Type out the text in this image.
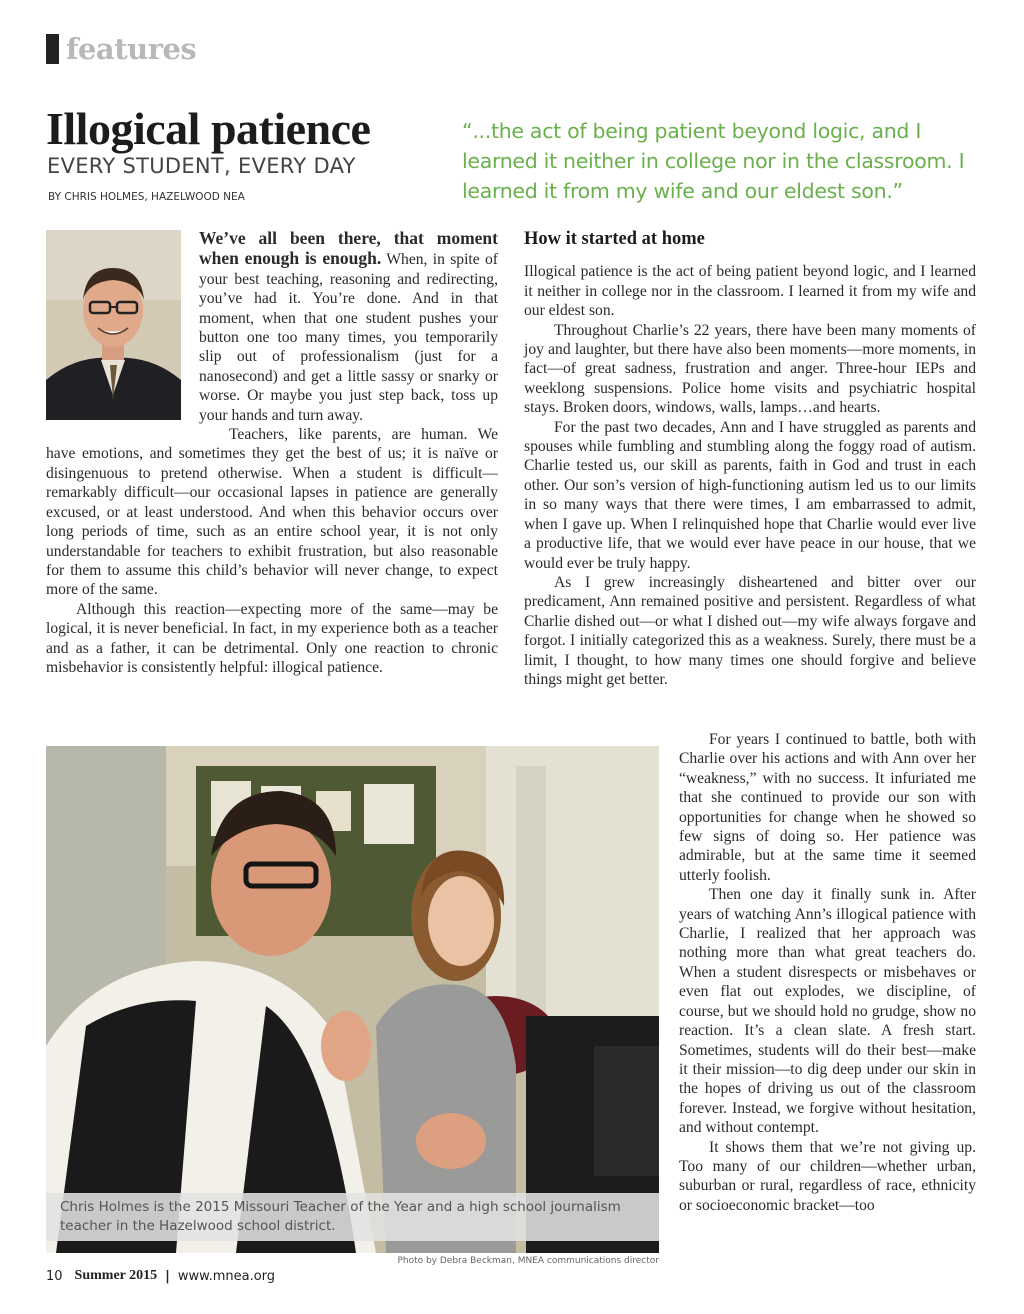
features
Illogical patience
EVERY STUDENT, EVERY DAY
BY CHRIS HOLMES, HAZELWOOD NEA
“...the act of being patient beyond logic, and I learned it neither in college nor in the classroom. I learned it from my wife and our eldest son.”

We’ve all been there, that moment when enough is enough. When, in spite of your best teaching, reasoning and redirecting, you’ve had it. You’re done. And in that moment, when that one student pushes your button one too many times, you temporarily slip out of professionalism (just for a nanosecond) and get a little sassy or snarky or worse. Or maybe you just step back, toss up your hands and turn away.

Teachers, like parents, are human. We have emotions, and sometimes they get the best of us; it is naïve or disingenuous to pretend otherwise. When a student is difficult—remarkably difficult—our occasional lapses in patience are generally excused, or at least understood. And when this behavior occurs over long periods of time, such as an entire school year, it is not only understandable for teachers to exhibit frustration, but also reasonable for them to assume this child’s behavior will never change, to expect more of the same.

Although this reaction—expecting more of the same—may be logical, it is never beneficial. In fact, in my experience both as a teacher and as a father, it can be detrimental. Only one reaction to chronic misbehavior is consistently helpful: illogical patience.

How it started at home

Illogical patience is the act of being patient beyond logic, and I learned it neither in college nor in the classroom. I learned it from my wife and our eldest son.

Throughout Charlie’s 22 years, there have been many moments of joy and laughter, but there have also been moments—more moments, in fact—of great sadness, frustration and anger. Three-hour IEPs and weeklong suspensions. Police home visits and psychiatric hospital stays. Broken doors, windows, walls, lamps…and hearts.

For the past two decades, Ann and I have struggled as parents and spouses while fumbling and stumbling along the foggy road of autism. Charlie tested us, our skill as parents, faith in God and trust in each other. Our son’s version of high-functioning autism led us to our limits in so many ways that there were times, I am embarrassed to admit, when I gave up. When I relinquished hope that Charlie would ever live a productive life, that we would ever have peace in our house, that we would ever be truly happy.

As I grew increasingly disheartened and bitter over our predicament, Ann remained positive and persistent. Regardless of what Charlie dished out—or what I dished out—my wife always forgave and forgot. I initially categorized this as a weakness. Surely, there must be a limit, I thought, to how many times one should forgive and believe things might get better.

Chris Holmes is the 2015 Missouri Teacher of the Year and a high school journalism teacher in the Hazelwood school district.
Photo by Debra Beckman, MNEA communications director

For years I continued to battle, both with Charlie over his actions and with Ann over her “weakness,” with no success. It infuriated me that she continued to provide our son with opportunities for change when he showed so few signs of doing so. Her patience was admirable, but at the same time it seemed utterly foolish.

Then one day it finally sunk in. After years of watching Ann’s illogical patience with Charlie, I realized that her approach was nothing more than what great teachers do. When a student disrespects or misbehaves or even flat out explodes, we discipline, of course, but we should hold no grudge, show no reaction. It’s a clean slate. A fresh start. Sometimes, students will do their best—make it their mission—to dig deep under our skin in the hopes of driving us out of the classroom forever. Instead, we forgive without hesitation, and without contempt.

It shows them that we’re not giving up. Too many of our children—whether urban, suburban or rural, regardless of race, ethnicity or socioeconomic bracket—too

10 Summer 2015 | www.mnea.org
